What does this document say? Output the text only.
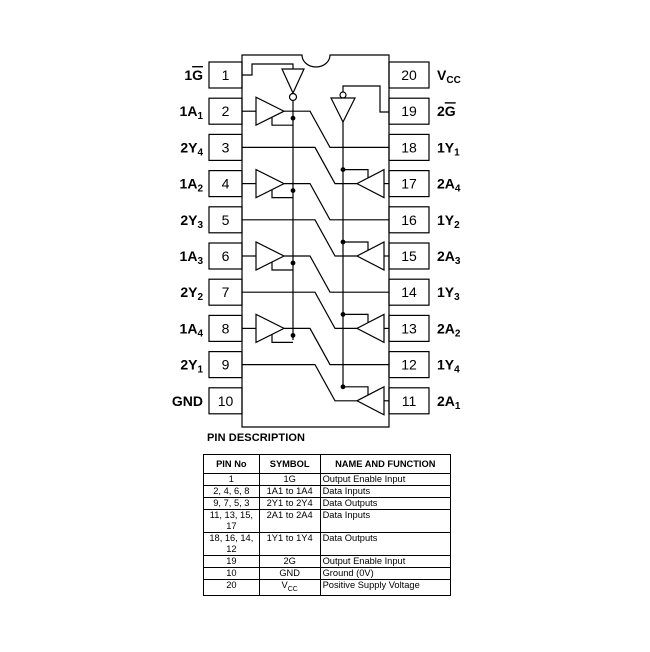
1
1G
2
$1A_1$
3
$2Y_4$
4
$1A_2$
5
$2Y_3$
6
$1A_3$
7
$2Y_2$
8
$1A_4$
9
$2Y_1$
10
GND
20 $V_{CC}$
19 2G
18 $1Y_1$
17 $2A_4$
16 $1Y_2$
15 $2A_3$
14 $1Y_3$
13 $2A_2$
12 $1Y_4$
11 $2A_1$
PIN DESCRIPTION
PIN No	SYMBOL	NAME AND FUNCTION
1	$1\overline{G}$	Output Enable Input
2, 4, 6, 8	1A1 to 1A4	Data Inputs
9, 7, 5, 3	2Y1 to 2Y4	Data Outputs
11, 13, 15, 17	2A1 to 2A4	Data Inputs
18, 16, 14, 12	1Y1 to 1Y4	Data Outputs
19	$2\overline{G}$	Output Enable Input
10	GND	Ground (0V)
20	$V_{CC}$	Positive Supply Voltage
